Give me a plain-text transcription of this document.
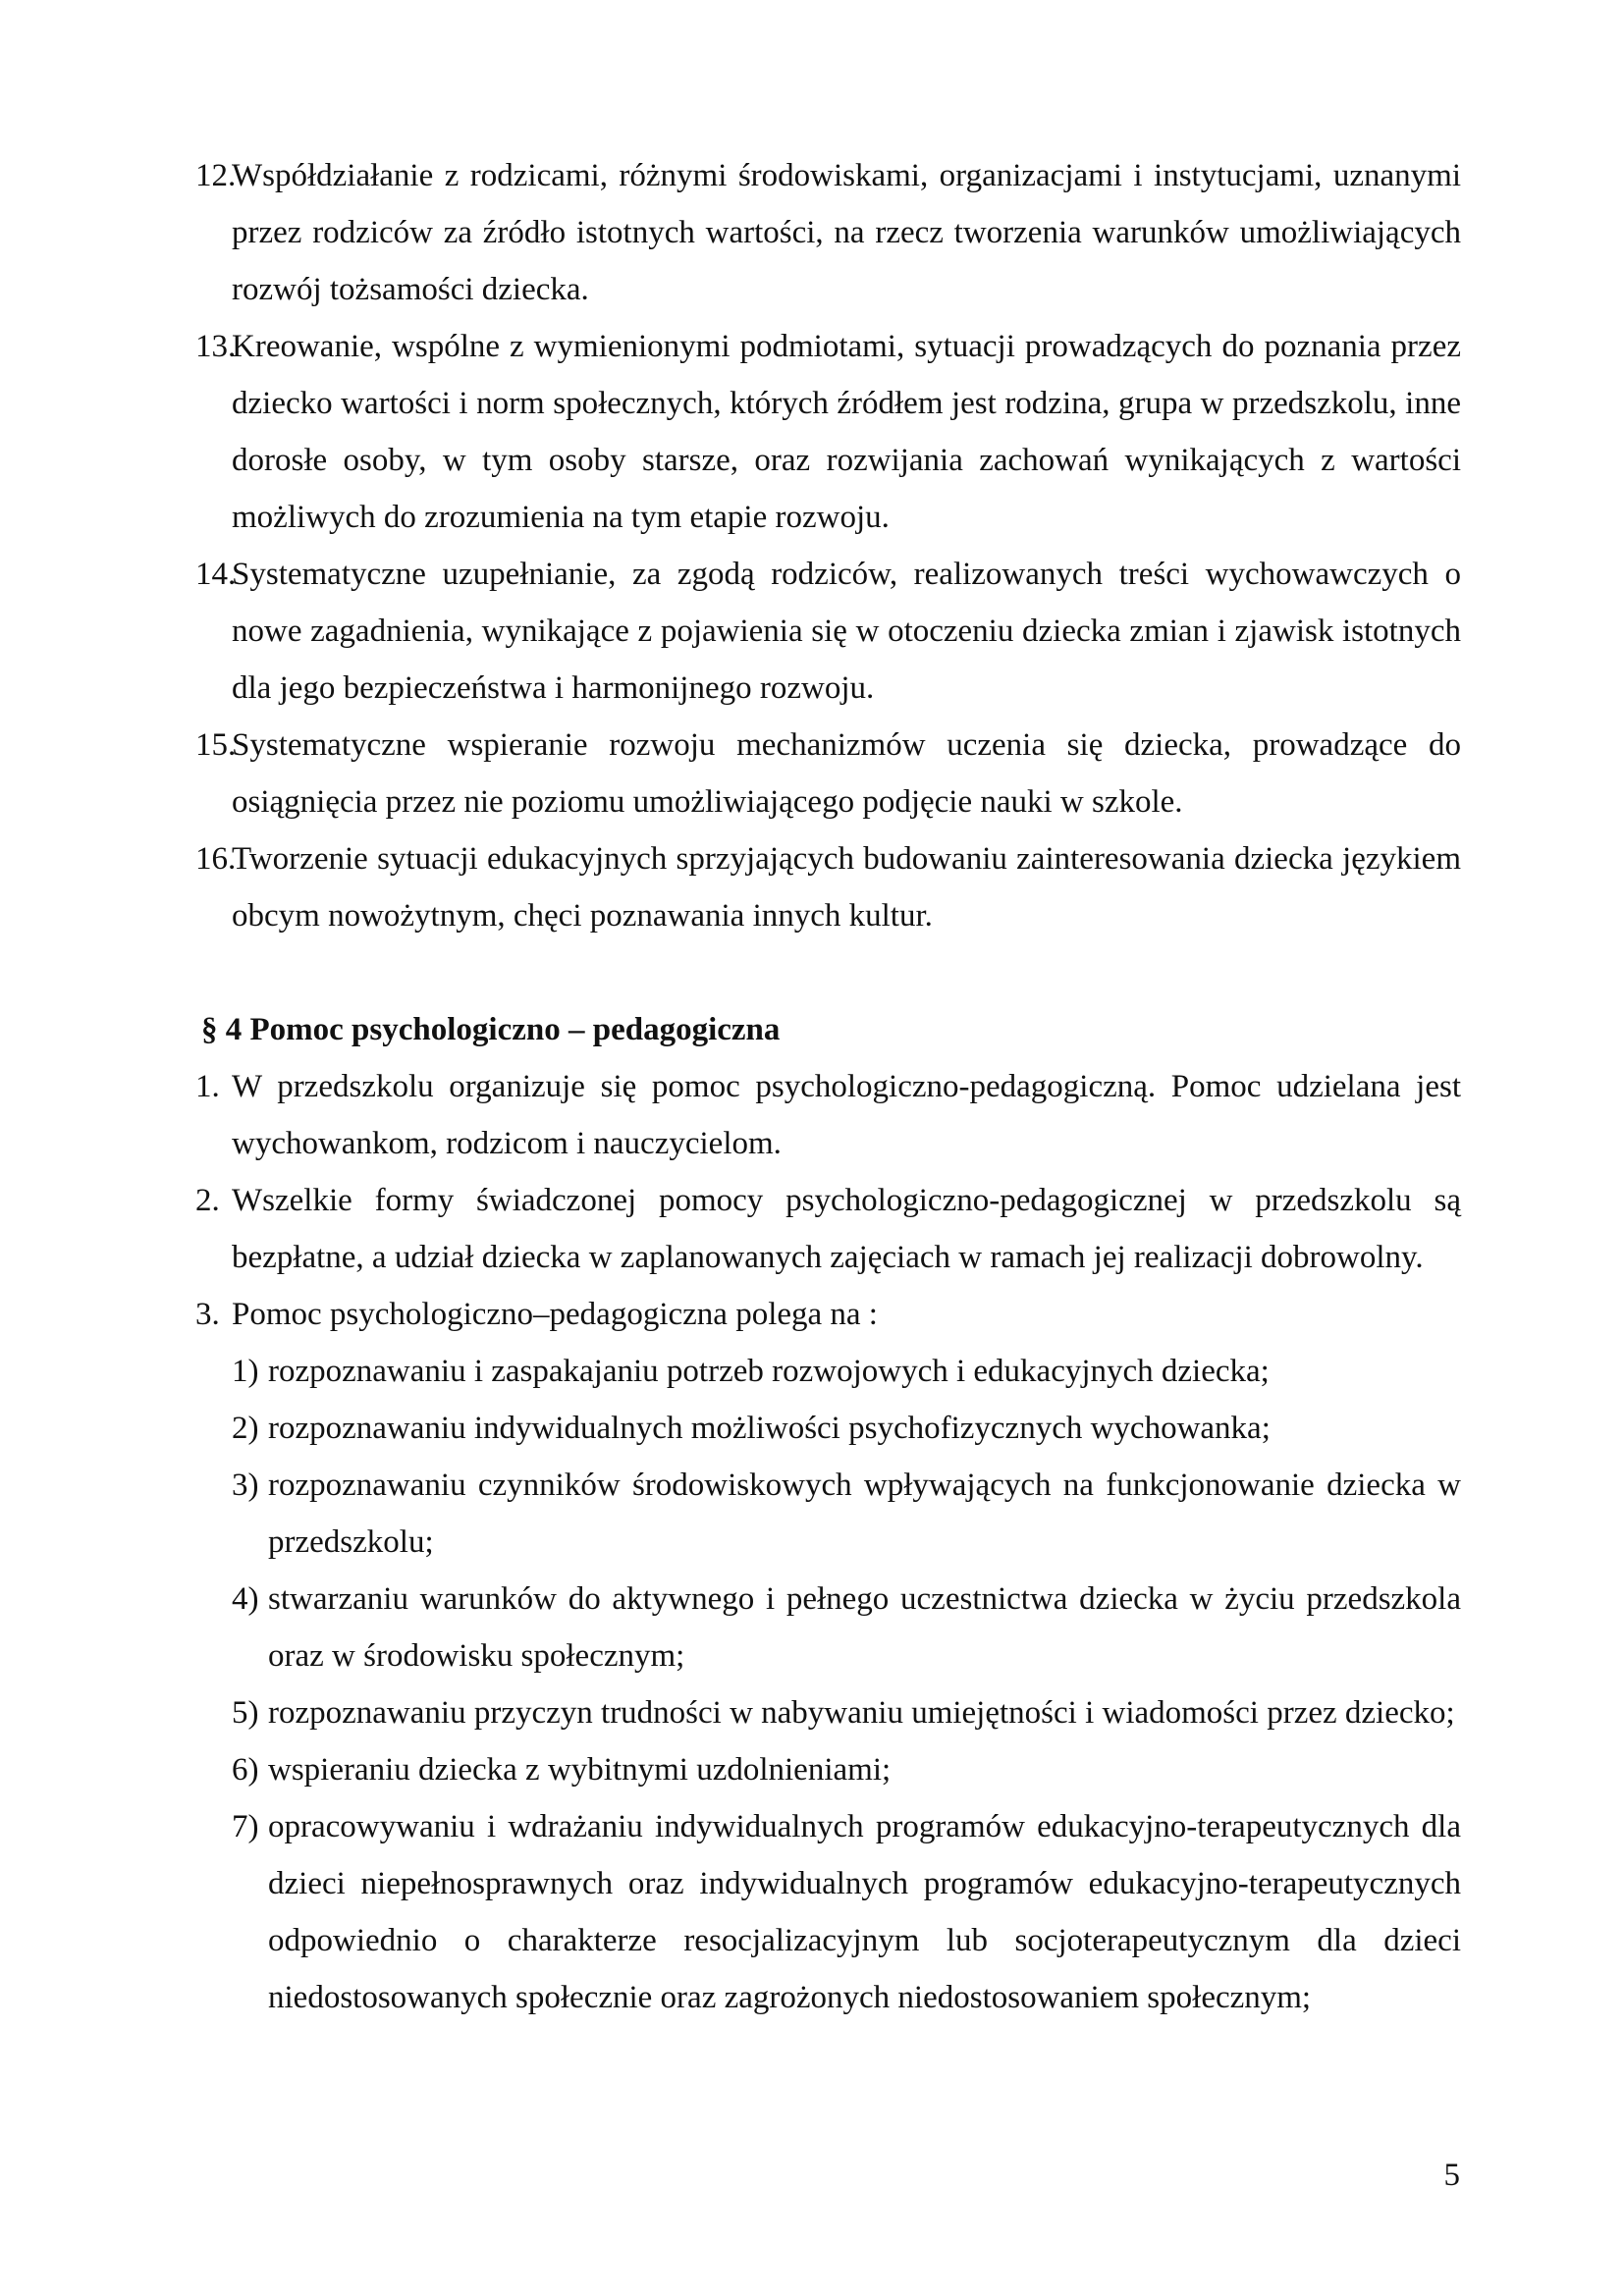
12.
Współdziałanie z rodzicami, różnymi środowiskami, organizacjami i instytucjami, uznanymi przez rodziców za źródło istotnych wartości, na rzecz tworzenia warunków umożliwiających rozwój tożsamości dziecka.
13.
Kreowanie, wspólne z wymienionymi podmiotami, sytuacji prowadzących do poznania przez dziecko wartości i norm społecznych, których źródłem jest rodzina, grupa w przedszkolu, inne dorosłe osoby, w tym osoby starsze, oraz rozwijania zachowań wynikających z wartości możliwych do zrozumienia na tym etapie rozwoju.
14.
Systematyczne uzupełnianie, za zgodą rodziców, realizowanych treści wychowawczych o nowe zagadnienia, wynikające z pojawienia się w otoczeniu dziecka zmian i zjawisk istotnych dla jego bezpieczeństwa i harmonijnego rozwoju.
15.
Systematyczne wspieranie rozwoju mechanizmów uczenia się dziecka, prowadzące do osiągnięcia przez nie poziomu umożliwiającego podjęcie nauki w szkole.
16.
Tworzenie sytuacji edukacyjnych sprzyjających budowaniu zainteresowania dziecka językiem obcym nowożytnym, chęci poznawania innych kultur.
§ 4 Pomoc psychologiczno – pedagogiczna
1. W przedszkolu organizuje się pomoc psychologiczno-pedagogiczną. Pomoc udzielana jest wychowankom, rodzicom i nauczycielom.
2. Wszelkie formy świadczonej pomocy psychologiczno-pedagogicznej w przedszkolu są bezpłatne, a udział dziecka w zaplanowanych zajęciach w ramach jej realizacji dobrowolny.
3. Pomoc psychologiczno–pedagogiczna polega na :
1) rozpoznawaniu i zaspakajaniu potrzeb rozwojowych i edukacyjnych dziecka;
2) rozpoznawaniu indywidualnych możliwości psychofizycznych wychowanka;
3) rozpoznawaniu czynników środowiskowych wpływających na funkcjonowanie dziecka w przedszkolu;
4) stwarzaniu warunków do aktywnego i pełnego uczestnictwa dziecka w życiu przedszkola oraz w środowisku społecznym;
5) rozpoznawaniu przyczyn trudności w nabywaniu umiejętności i wiadomości przez dziecko;
6) wspieraniu dziecka z wybitnymi uzdolnieniami;
7) opracowywaniu i wdrażaniu indywidualnych programów edukacyjno-terapeutycznych dla dzieci niepełnosprawnych oraz indywidualnych programów edukacyjno-terapeutycznych odpowiednio o charakterze resocjalizacyjnym lub socjoterapeutycznym dla dzieci niedostosowanych społecznie oraz zagrożonych niedostosowaniem społecznym;
5
